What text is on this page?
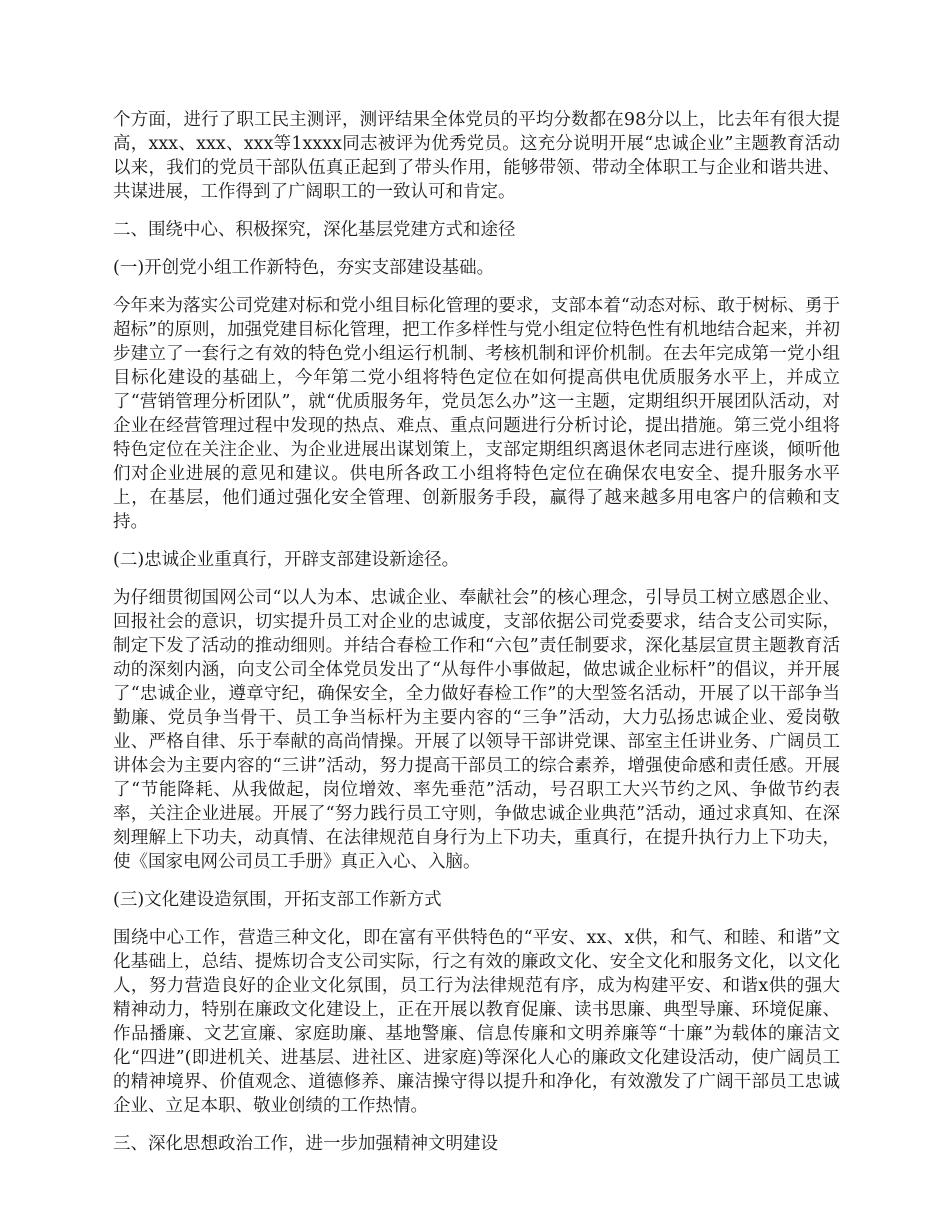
个方面，进行了职工民主测评，测评结果全体党员的平均分数都在98分以上，比去年有很大提高，xxx、xxx、xxx等1xxxx同志被评为优秀党员。这充分说明开展“忠诚企业”主题教育活动以来，我们的党员干部队伍真正起到了带头作用，能够带领、带动全体职工与企业和谐共进、共谋进展，工作得到了广阔职工的一致认可和肯定。

二、围绕中心、积极探究，深化基层党建方式和途径

(一)开创党小组工作新特色，夯实支部建设基础。

今年来为落实公司党建对标和党小组目标化管理的要求，支部本着“动态对标、敢于树标、勇于超标”的原则，加强党建目标化管理，把工作多样性与党小组定位特色性有机地结合起来，并初步建立了一套行之有效的特色党小组运行机制、考核机制和评价机制。在去年完成第一党小组目标化建设的基础上，今年第二党小组将特色定位在如何提高供电优质服务水平上，并成立了“营销管理分析团队”，就“优质服务年，党员怎么办”这一主题，定期组织开展团队活动，对企业在经营管理过程中发现的热点、难点、重点问题进行分析讨论，提出措施。第三党小组将特色定位在关注企业、为企业进展出谋划策上，支部定期组织离退休老同志进行座谈，倾听他们对企业进展的意见和建议。供电所各政工小组将特色定位在确保农电安全、提升服务水平上，在基层，他们通过强化安全管理、创新服务手段，赢得了越来越多用电客户的信赖和支持。

(二)忠诚企业重真行，开辟支部建设新途径。

为仔细贯彻国网公司“以人为本、忠诚企业、奉献社会”的核心理念，引导员工树立感恩企业、回报社会的意识，切实提升员工对企业的忠诚度，支部依据公司党委要求，结合支公司实际，制定下发了活动的推动细则。并结合春检工作和“六包”责任制要求，深化基层宣贯主题教育活动的深刻内涵，向支公司全体党员发出了“从每件小事做起，做忠诚企业标杆”的倡议，并开展了“忠诚企业，遵章守纪，确保安全，全力做好春检工作”的大型签名活动，开展了以干部争当勤廉、党员争当骨干、员工争当标杆为主要内容的“三争”活动，大力弘扬忠诚企业、爱岗敬业、严格自律、乐于奉献的高尚情操。开展了以领导干部讲党课、部室主任讲业务、广阔员工讲体会为主要内容的“三讲”活动，努力提高干部员工的综合素养，增强使命感和责任感。开展了“节能降耗、从我做起，岗位增效、率先垂范”活动，号召职工大兴节约之风、争做节约表率，关注企业进展。开展了“努力践行员工守则，争做忠诚企业典范”活动，通过求真知、在深刻理解上下功夫，动真情、在法律规范自身行为上下功夫，重真行，在提升执行力上下功夫，使《国家电网公司员工手册》真正入心、入脑。

(三)文化建设造氛围，开拓支部工作新方式

围绕中心工作，营造三种文化，即在富有平供特色的“平安、xx、x供，和气、和睦、和谐”文化基础上，总结、提炼切合支公司实际，行之有效的廉政文化、安全文化和服务文化，以文化人，努力营造良好的企业文化氛围，员工行为法律规范有序，成为构建平安、和谐x供的强大精神动力，特别在廉政文化建设上，正在开展以教育促廉、读书思廉、典型导廉、环境促廉、作品播廉、文艺宣廉、家庭助廉、基地警廉、信息传廉和文明养廉等“十廉”为载体的廉洁文化“四进”(即进机关、进基层、进社区、进家庭)等深化人心的廉政文化建设活动，使广阔员工的精神境界、价值观念、道德修养、廉洁操守得以提升和净化，有效激发了广阔干部员工忠诚企业、立足本职、敬业创绩的工作热情。

三、深化思想政治工作，进一步加强精神文明建设
